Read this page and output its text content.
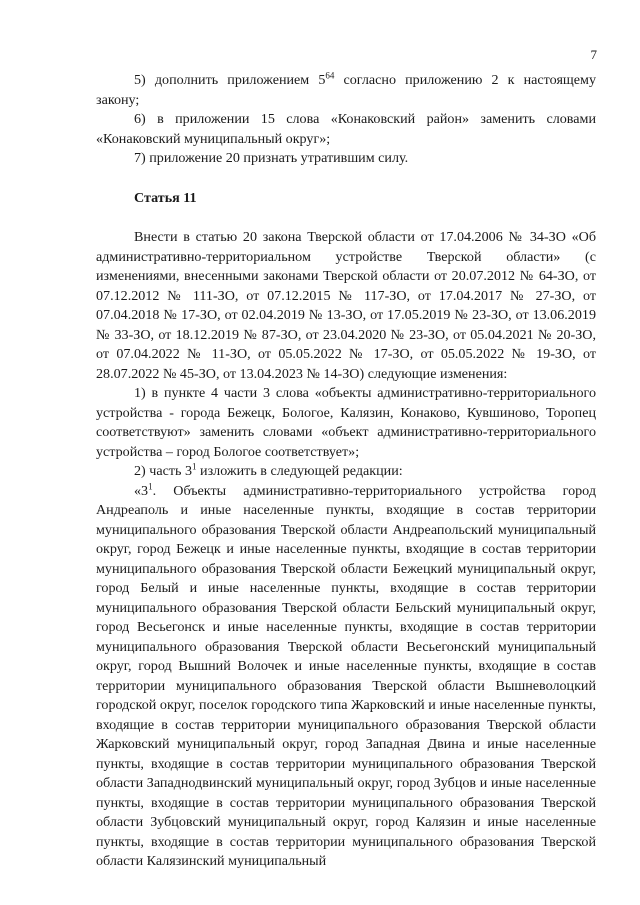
7

5) дополнить приложением $5^{64}$ согласно приложению 2 к настоящему закону;

6) в приложении 15 слова «Конаковский район» заменить словами «Конаковский муниципальный округ»;

7) приложение 20 признать утратившим силу.

Статья 11

Внести в статью 20 закона Тверской области от 17.04.2006 № 34-ЗО «Об административно-территориальном устройстве Тверской области» (с изменениями, внесенными законами Тверской области от 20.07.2012 № 64-ЗО, от 07.12.2012 № 111-ЗО, от 07.12.2015 № 117-ЗО, от 17.04.2017 № 27-ЗО, от 07.04.2018 № 17-ЗО, от 02.04.2019 № 13-ЗО, от 17.05.2019 № 23-ЗО, от 13.06.2019 № 33-ЗО, от 18.12.2019 № 87-ЗО, от 23.04.2020 № 23-ЗО, от 05.04.2021 № 20-ЗО, от 07.04.2022 № 11-ЗО, от 05.05.2022 № 17-ЗО, от 05.05.2022 № 19-ЗО, от 28.07.2022 № 45-ЗО, от 13.04.2023 № 14-ЗО) следующие изменения:

1) в пункте 4 части 3 слова «объекты административно-территориального устройства - города Бежецк, Бологое, Калязин, Конаково, Кувшиново, Торопец соответствуют» заменить словами «объект административно-территориального устройства – город Бологое соответствует»;

2) часть $3^1$ изложить в следующей редакции:

«$3^1$. Объекты административно-территориального устройства город Андреаполь и иные населенные пункты, входящие в состав территории муниципального образования Тверской области Андреапольский муниципальный округ, город Бежецк и иные населенные пункты, входящие в состав территории муниципального образования Тверской области Бежецкий муниципальный округ, город Белый и иные населенные пункты, входящие в состав территории муниципального образования Тверской области Бельский муниципальный округ, город Весьегонск и иные населенные пункты, входящие в состав территории муниципального образования Тверской области Весьегонский муниципальный округ, город Вышний Волочек и иные населенные пункты, входящие в состав территории муниципального образования Тверской области Вышневолоцкий городской округ, поселок городского типа Жарковский и иные населенные пункты, входящие в состав территории муниципального образования Тверской области Жарковский муниципальный округ, город Западная Двина и иные населенные пункты, входящие в состав территории муниципального образования Тверской области Западнодвинский муниципальный округ, город Зубцов и иные населенные пункты, входящие в состав территории муниципального образования Тверской области Зубцовский муниципальный округ, город Калязин и иные населенные пункты, входящие в состав территории муниципального образования Тверской области Калязинский муниципальный
